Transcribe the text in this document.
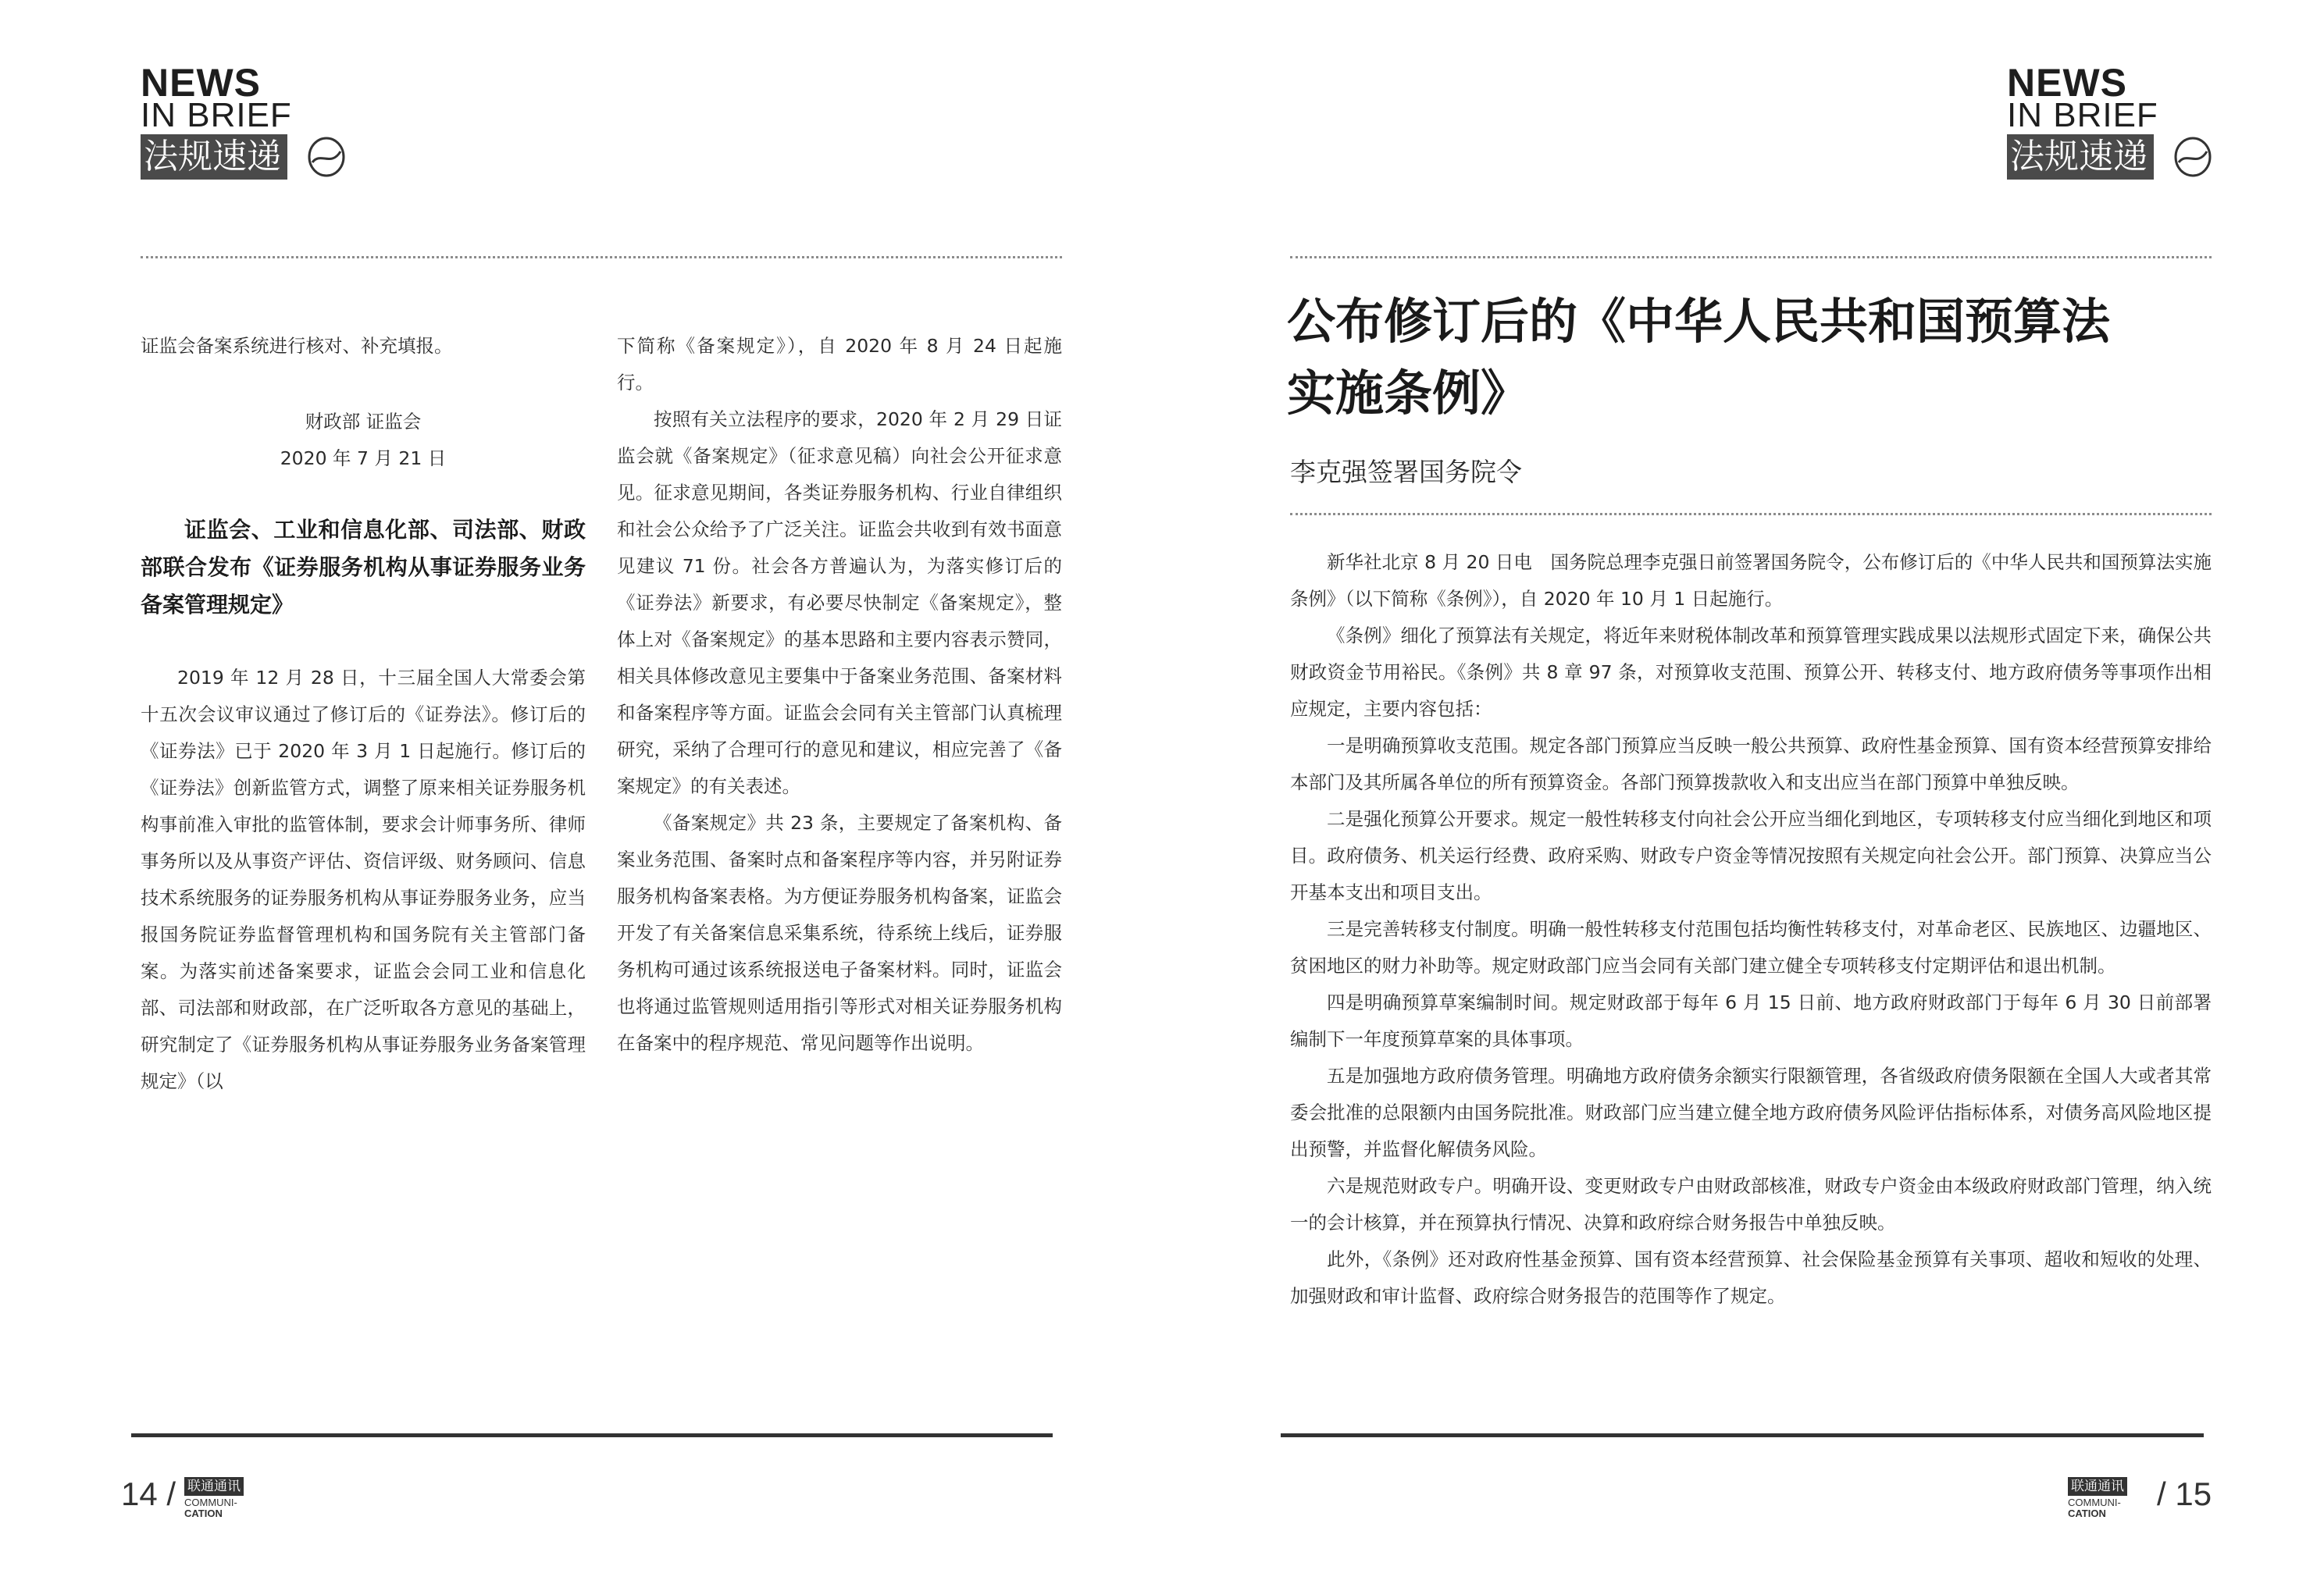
NEWS
IN BRIEF
法规速递

证监会备案系统进行核对、补充填报。

财政部 证监会

2020 年 7 月 21 日

证监会、工业和信息化部、司法部、财政部联合发布《证券服务机构从事证券服务业务备案管理规定》

2019 年 12 月 28 日，十三届全国人大常委会第十五次会议审议通过了修订后的《证券法》。修订后的《证券法》已于 2020 年 3 月 1 日起施行。修订后的《证券法》创新监管方式，调整了原来相关证券服务机构事前准入审批的监管体制，要求会计师事务所、律师事务所以及从事资产评估、资信评级、财务顾问、信息技术系统服务的证券服务机构从事证券服务业务，应当报国务院证券监督管理机构和国务院有关主管部门备案。为落实前述备案要求，证监会会同工业和信息化部、司法部和财政部，在广泛听取各方意见的基础上，研究制定了《证券服务机构从事证券服务业务备案管理规定》（以

下简称《备案规定》），自 2020 年 8 月 24 日起施行。

按照有关立法程序的要求，2020 年 2 月 29 日证监会就《备案规定》（征求意见稿）向社会公开征求意见。征求意见期间，各类证券服务机构、行业自律组织和社会公众给予了广泛关注。证监会共收到有效书面意见建议 71 份。社会各方普遍认为，为落实修订后的《证券法》新要求，有必要尽快制定《备案规定》，整体上对《备案规定》的基本思路和主要内容表示赞同，相关具体修改意见主要集中于备案业务范围、备案材料和备案程序等方面。证监会会同有关主管部门认真梳理研究，采纳了合理可行的意见和建议，相应完善了《备案规定》的有关表述。

《备案规定》共 23 条，主要规定了备案机构、备案业务范围、备案时点和备案程序等内容，并另附证券服务机构备案表格。为方便证券服务机构备案，证监会开发了有关备案信息采集系统，待系统上线后，证券服务机构可通过该系统报送电子备案材料。同时，证监会也将通过监管规则适用指引等形式对相关证券服务机构在备案中的程序规范、常见问题等作出说明。

14 / 联通通讯
COMMUNI-
CATION
NEWS
IN BRIEF
法规速递
公布修订后的《中华人民共和国预算法
实施条例》

李克强签署国务院令

新华社北京 8 月 20 日电　国务院总理李克强日前签署国务院令，公布修订后的《中华人民共和国预算法实施条例》（以下简称《条例》），自 2020 年 10 月 1 日起施行。

《条例》细化了预算法有关规定，将近年来财税体制改革和预算管理实践成果以法规形式固定下来，确保公共财政资金节用裕民。《条例》共 8 章 97 条，对预算收支范围、预算公开、转移支付、地方政府债务等事项作出相应规定，主要内容包括：

一是明确预算收支范围。规定各部门预算应当反映一般公共预算、政府性基金预算、国有资本经营预算安排给本部门及其所属各单位的所有预算资金。各部门预算拨款收入和支出应当在部门预算中单独反映。

二是强化预算公开要求。规定一般性转移支付向社会公开应当细化到地区，专项转移支付应当细化到地区和项目。政府债务、机关运行经费、政府采购、财政专户资金等情况按照有关规定向社会公开。部门预算、决算应当公开基本支出和项目支出。

三是完善转移支付制度。明确一般性转移支付范围包括均衡性转移支付，对革命老区、民族地区、边疆地区、贫困地区的财力补助等。规定财政部门应当会同有关部门建立健全专项转移支付定期评估和退出机制。

四是明确预算草案编制时间。规定财政部于每年 6 月 15 日前、地方政府财政部门于每年 6 月 30 日前部署编制下一年度预算草案的具体事项。

五是加强地方政府债务管理。明确地方政府债务余额实行限额管理，各省级政府债务限额在全国人大或者其常委会批准的总限额内由国务院批准。财政部门应当建立健全地方政府债务风险评估指标体系，对债务高风险地区提出预警，并监督化解债务风险。

六是规范财政专户。明确开设、变更财政专户由财政部核准，财政专户资金由本级政府财政部门管理，纳入统一的会计核算，并在预算执行情况、决算和政府综合财务报告中单独反映。

此外，《条例》还对政府性基金预算、国有资本经营预算、社会保险基金预算有关事项、超收和短收的处理、加强财政和审计监督、政府综合财务报告的范围等作了规定。

联通通讯
COMMUNI-
CATION
/ 15
